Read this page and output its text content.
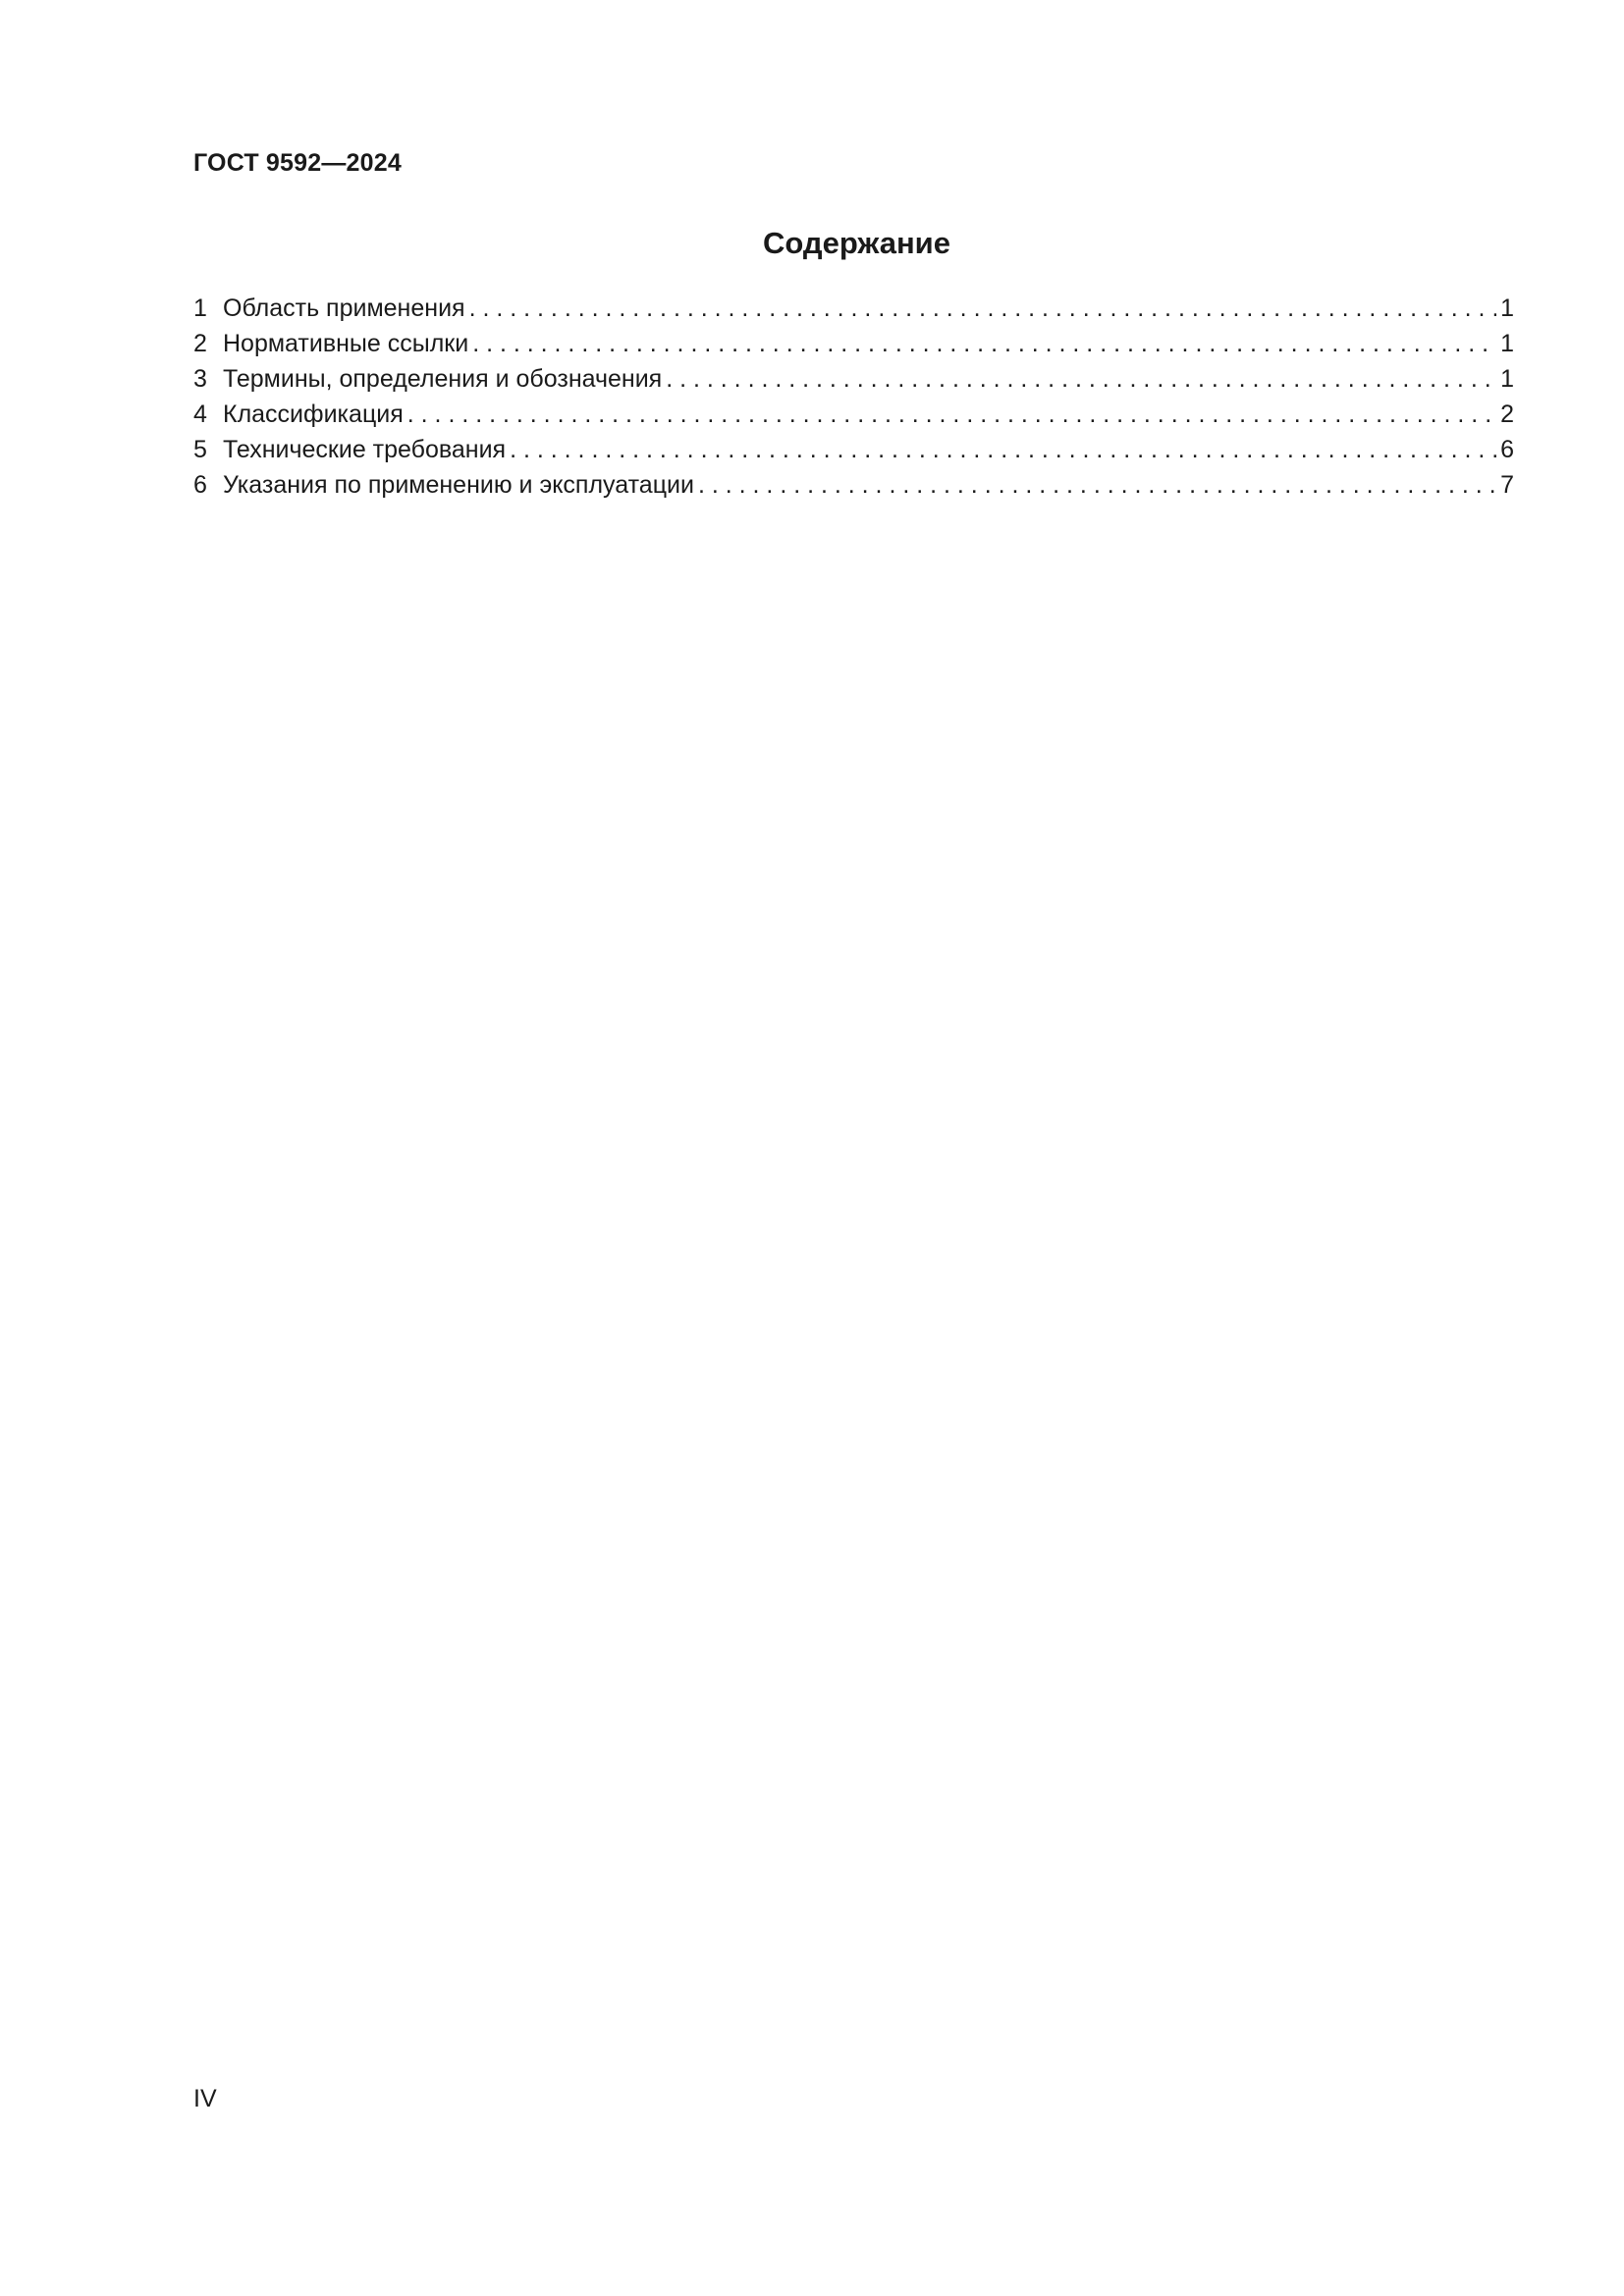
ГОСТ 9592—2024
Содержание
1 Область применения . . .	1
2 Нормативные ссылки . . .	1
3 Термины, определения и обозначения . . .	1
4 Классификация . . .	2
5 Технические требования . . .	6
6 Указания по применению и эксплуатации . . .	7
IV
